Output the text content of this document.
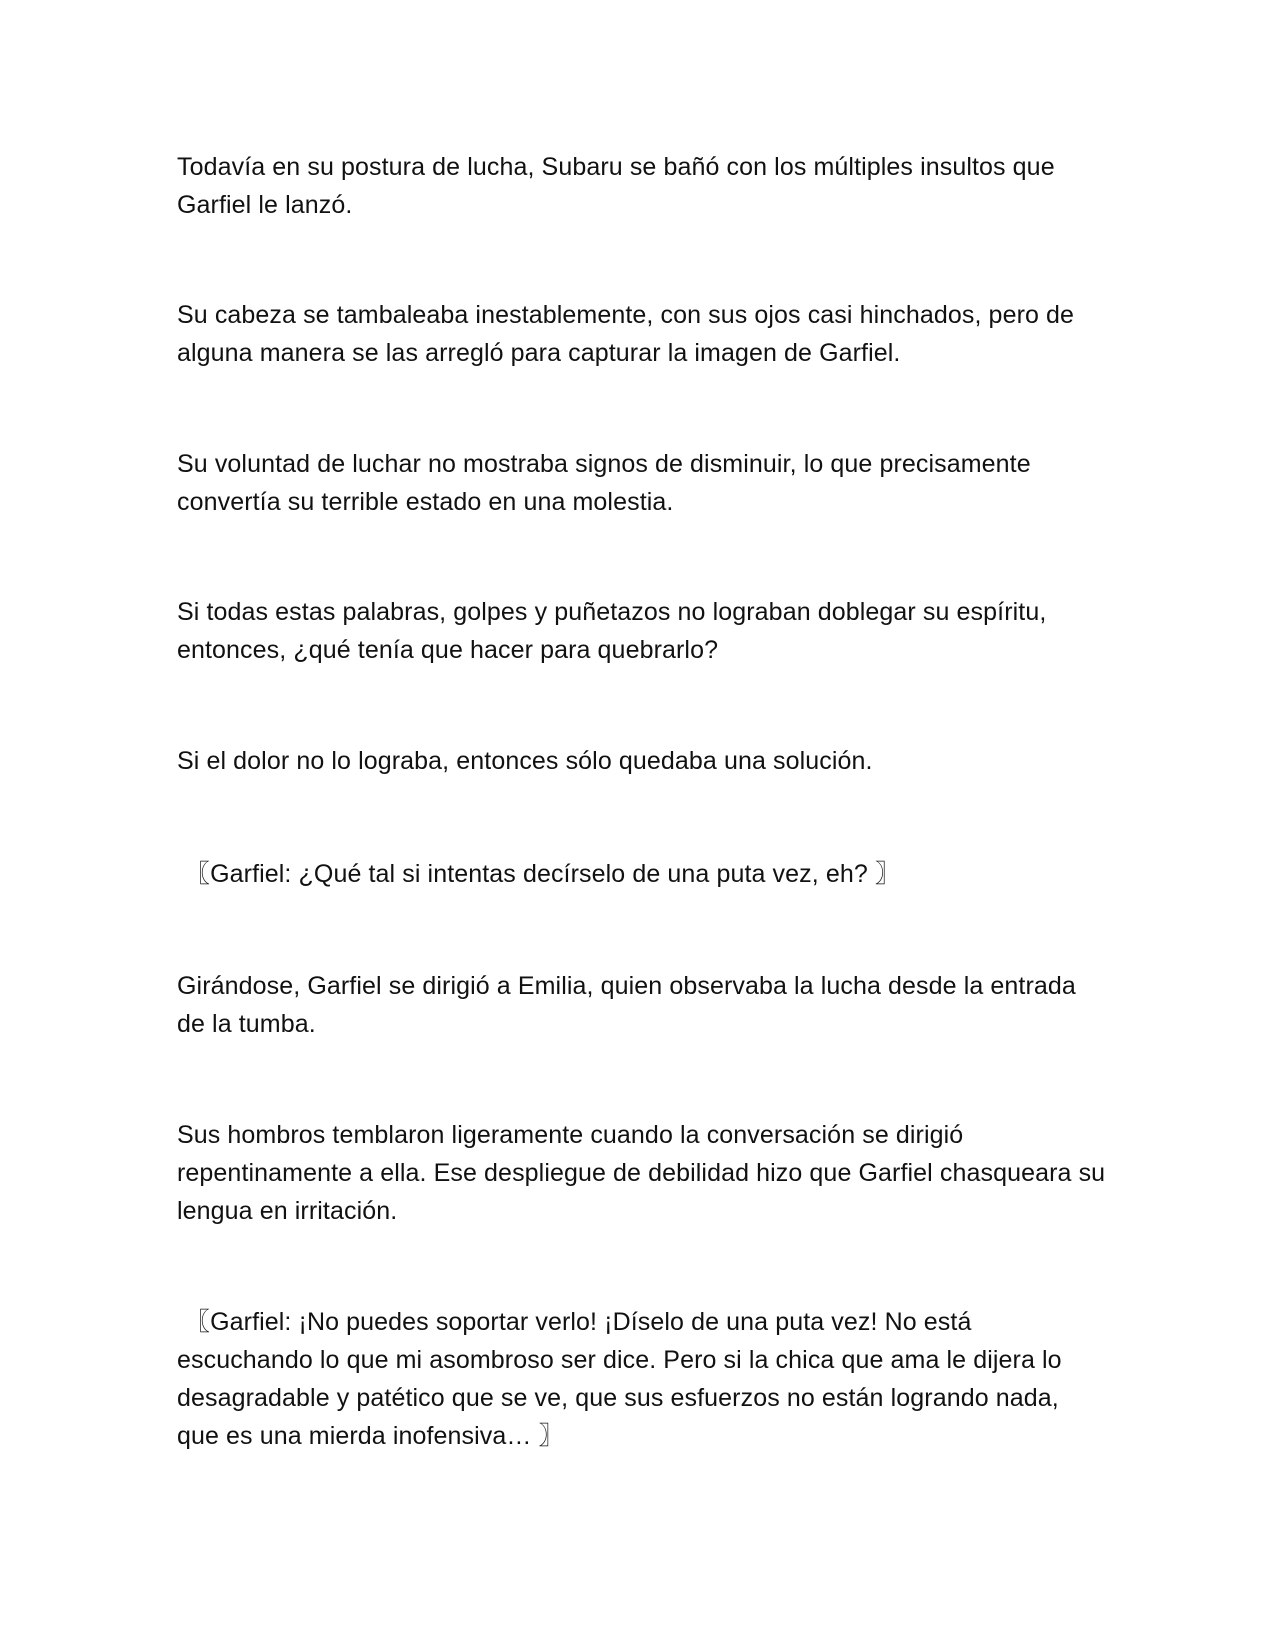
Todavía en su postura de lucha, Subaru se bañó con los múltiples insultos que Garfiel le lanzó.

Su cabeza se tambaleaba inestablemente, con sus ojos casi hinchados, pero de alguna manera se las arregló para capturar la imagen de Garfiel.

Su voluntad de luchar no mostraba signos de disminuir, lo que precisamente convertía su terrible estado en una molestia.

Si todas estas palabras, golpes y puñetazos no lograban doblegar su espíritu, entonces, ¿qué tenía que hacer para quebrarlo?

Si el dolor no lo lograba, entonces sólo quedaba una solución.

〖Garfiel: ¿Qué tal si intentas decírselo de una puta vez, eh? 〗

Girándose, Garfiel se dirigió a Emilia, quien observaba la lucha desde la entrada de la tumba.

Sus hombros temblaron ligeramente cuando la conversación se dirigió repentinamente a ella. Ese despliegue de debilidad hizo que Garfiel chasqueara su lengua en irritación.

〖Garfiel: ¡No puedes soportar verlo! ¡Díselo de una puta vez! No está escuchando lo que mi asombroso ser dice. Pero si la chica que ama le dijera lo desagradable y patético que se ve, que sus esfuerzos no están logrando nada, que es una mierda inofensiva… 〗
